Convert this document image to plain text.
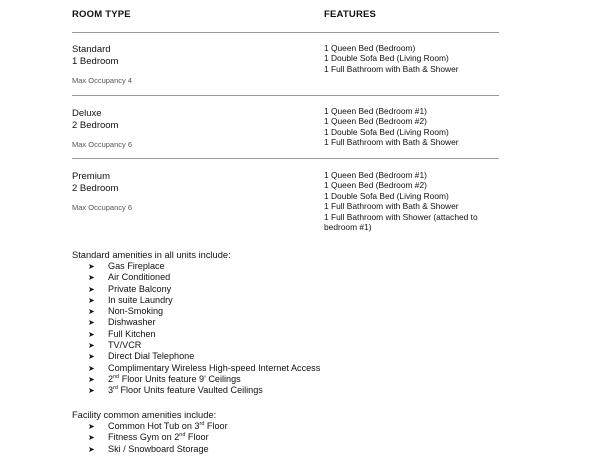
ROOM TYPE	FEATURES
Standard
1 Bedroom
Max Occupancy 4
1 Queen Bed (Bedroom)
1 Double Sofa Bed (Living Room)
1 Full Bathroom with Bath & Shower
Deluxe
2 Bedroom
Max Occupancy 6
1 Queen Bed (Bedroom #1)
1 Queen Bed (Bedroom #2)
1 Double Sofa Bed (Living Room)
1 Full Bathroom with Bath & Shower
Premium
2 Bedroom
Max Occupancy 6
1 Queen Bed (Bedroom #1)
1 Queen Bed (Bedroom #2)
1 Double Sofa Bed (Living Room)
1 Full Bathroom with Bath & Shower
1 Full Bathroom with Shower (attached to bedroom #1)
Standard amenities in all units include:
➤ Gas Fireplace
➤ Air Conditioned
➤ Private Balcony
➤ In suite Laundry
➤ Non-Smoking
➤ Dishwasher
➤ Full Kitchen
➤ TV/VCR
➤ Direct Dial Telephone
➤ Complimentary Wireless High-speed Internet Access
➤ 2nd Floor Units feature 9' Ceilings
➤ 3rd Floor Units feature Vaulted Ceilings
Facility common amenities include:
➤ Common Hot Tub on 3rd Floor
➤ Fitness Gym on 2nd Floor
➤ Ski / Snowboard Storage
